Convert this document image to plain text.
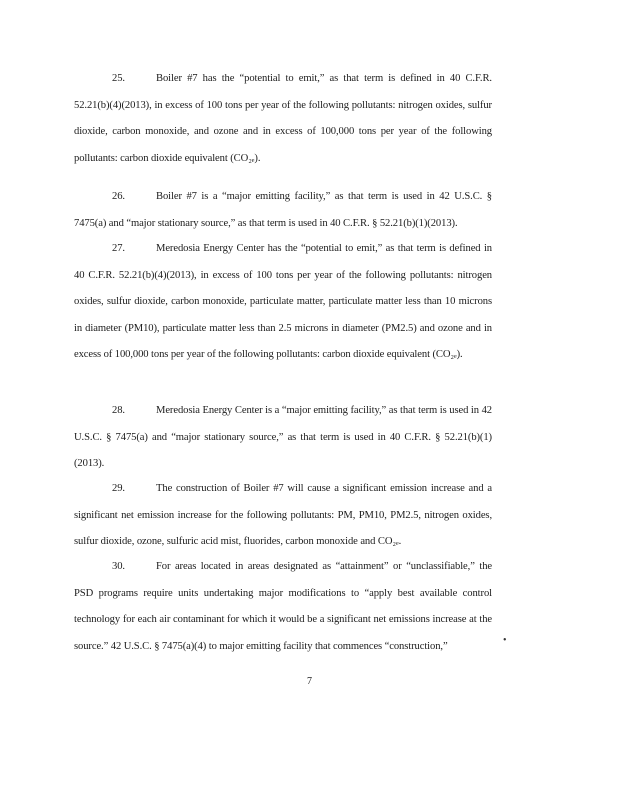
25.	Boiler #7 has the “potential to emit,” as that term is defined in 40 C.F.R. 52.21(b)(4)(2013), in excess of 100 tons per year of the following pollutants: nitrogen oxides, sulfur dioxide, carbon monoxide, and ozone and in excess of 100,000 tons per year of the following pollutants: carbon dioxide equivalent (CO₂ₑ).
26.	Boiler #7 is a “major emitting facility,” as that term is used in 42 U.S.C. § 7475(a) and “major stationary source,” as that term is used in 40 C.F.R. § 52.21(b)(1)(2013).
27.	Meredosia Energy Center has the “potential to emit,” as that term is defined in 40 C.F.R. 52.21(b)(4)(2013), in excess of 100 tons per year of the following pollutants: nitrogen oxides, sulfur dioxide, carbon monoxide, particulate matter, particulate matter less than 10 microns in diameter (PM10), particulate matter less than 2.5 microns in diameter (PM2.5) and ozone and in excess of 100,000 tons per year of the following pollutants: carbon dioxide equivalent (CO₂ₑ).
28.	Meredosia Energy Center is a “major emitting facility,” as that term is used in 42 U.S.C. § 7475(a) and “major stationary source,” as that term is used in 40 C.F.R. § 52.21(b)(1)(2013).
29.	The construction of Boiler #7 will cause a significant emission increase and a significant net emission increase for the following pollutants: PM, PM10, PM2.5, nitrogen oxides, sulfur dioxide, ozone, sulfuric acid mist, fluorides, carbon monoxide and CO₂ₑ.
30.	For areas located in areas designated as “attainment” or “unclassifiable,” the PSD programs require units undertaking major modifications to “apply best available control technology for each air contaminant for which it would be a significant net emissions increase at the source.” 42 U.S.C. § 7475(a)(4) to major emitting facility that commences “construction,”	•
7
